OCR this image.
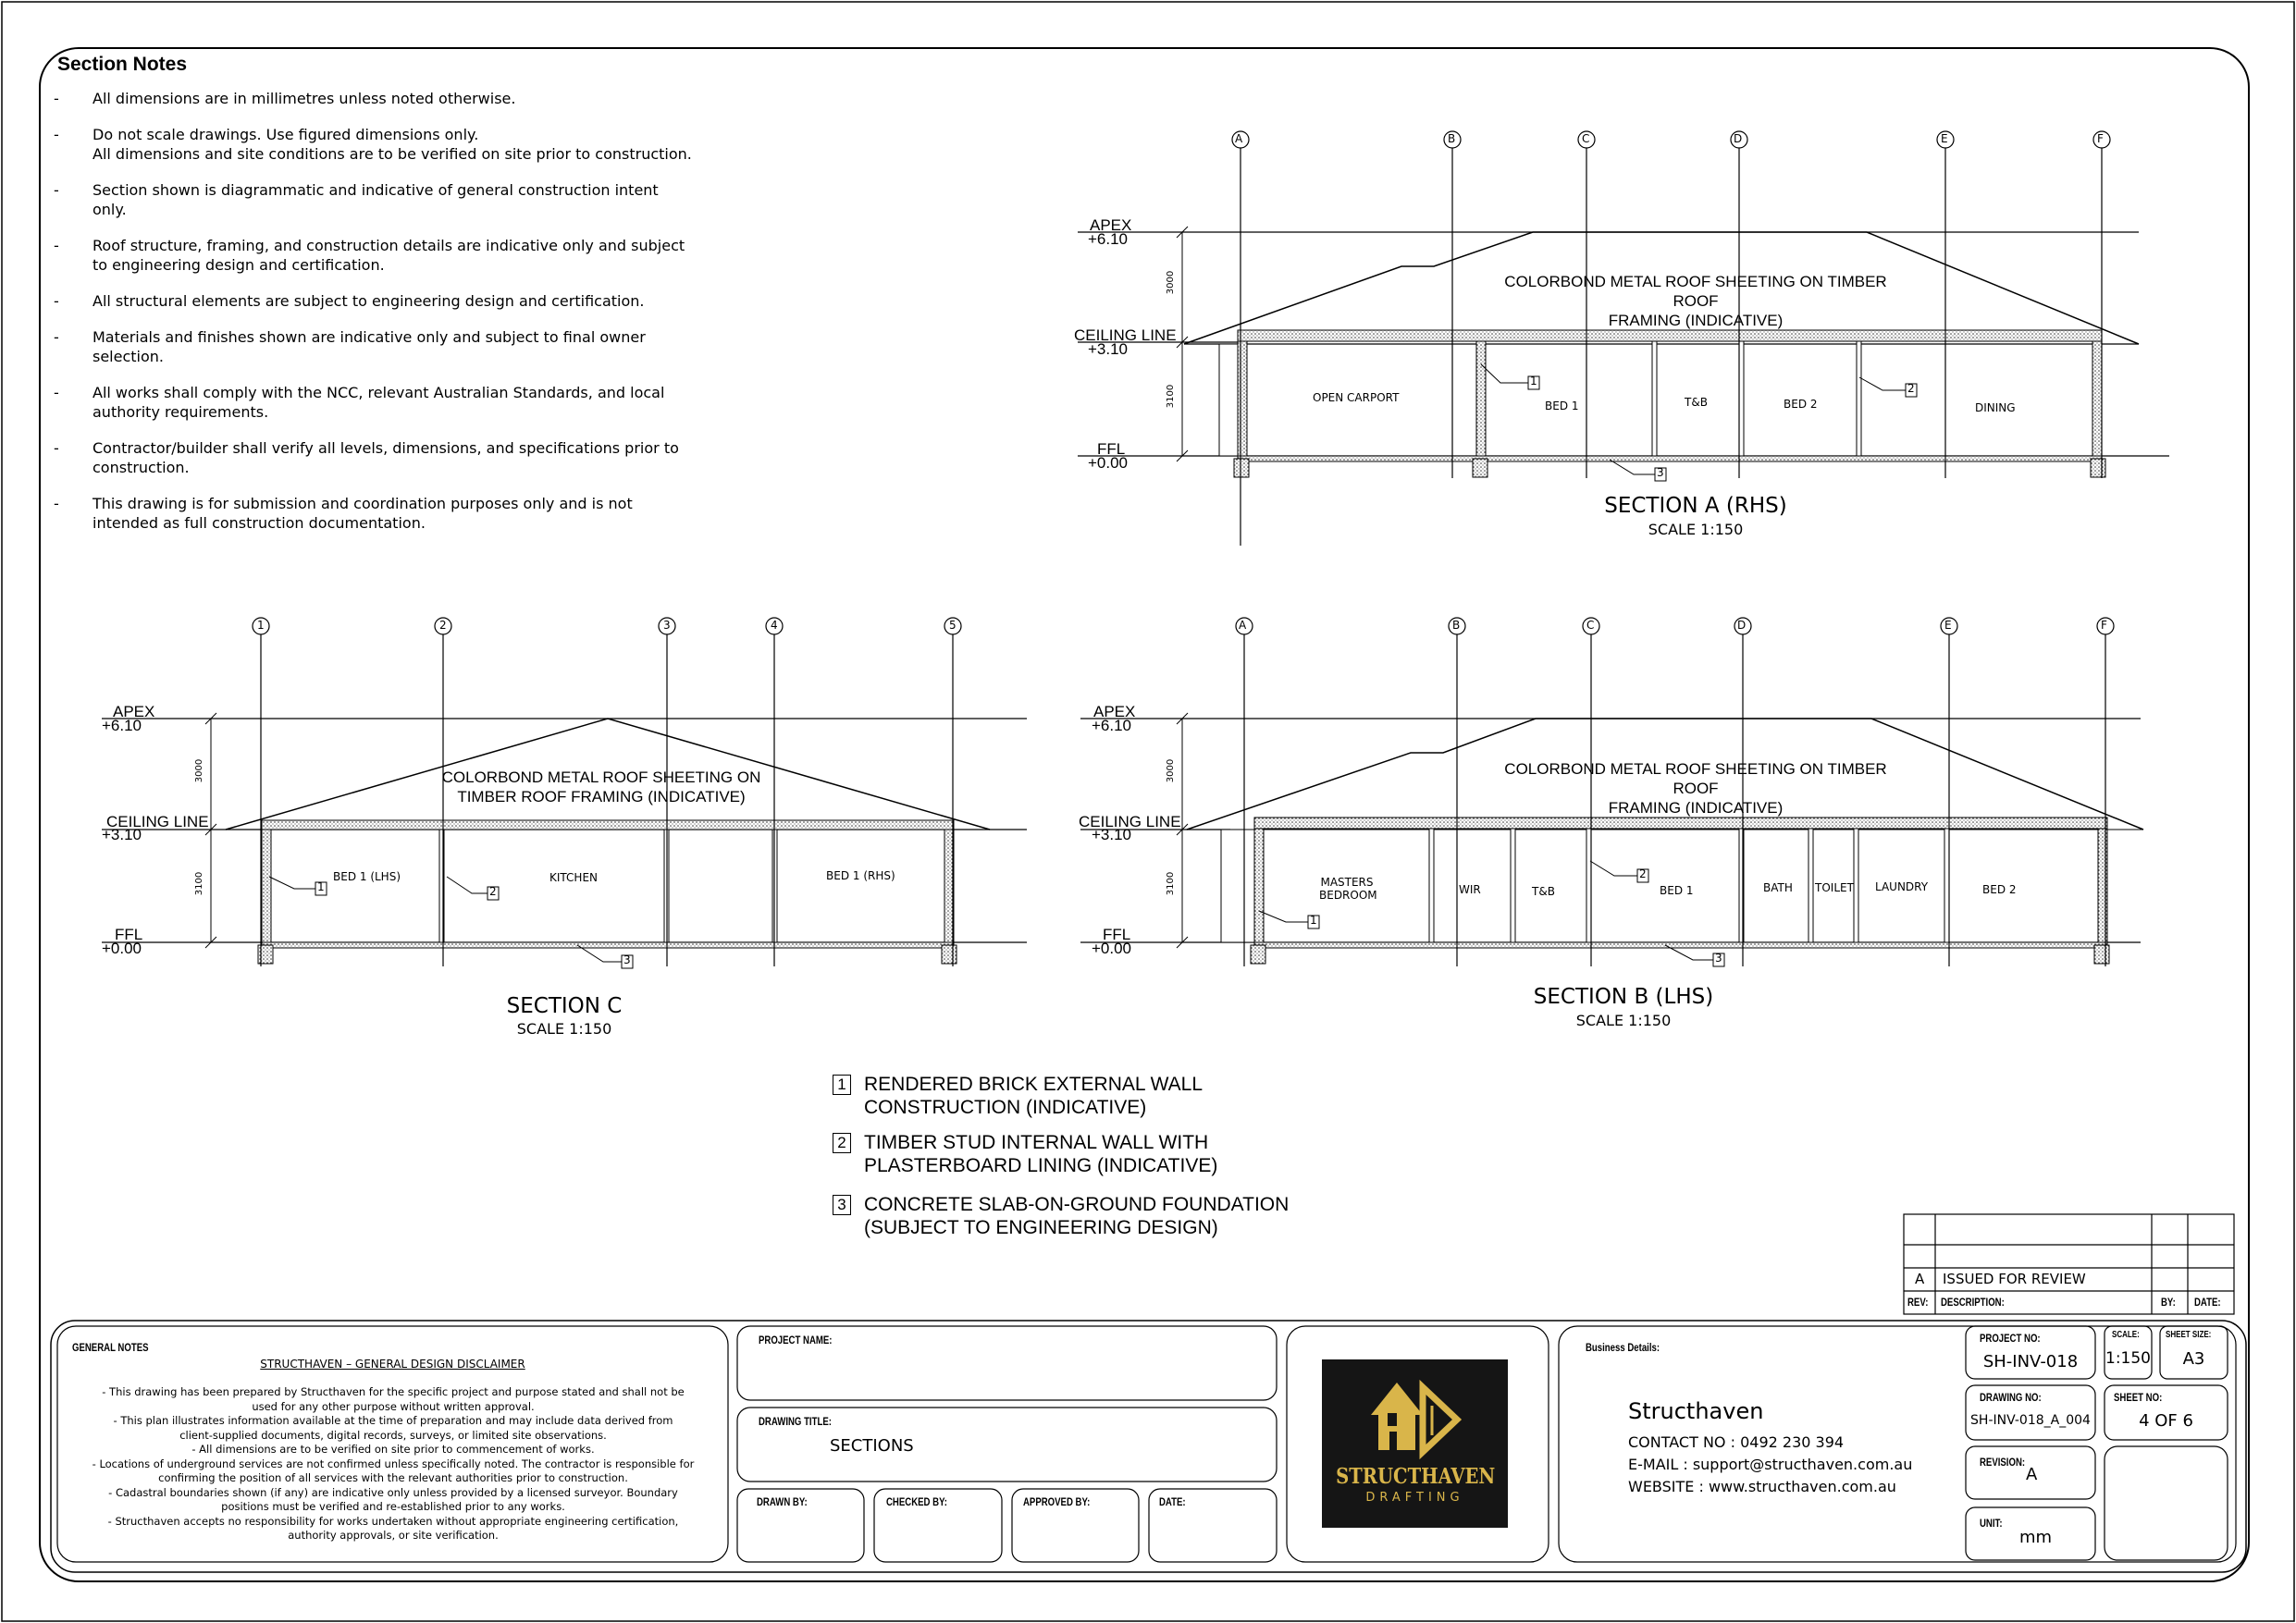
Section Notes
-	All dimensions are in millimetres unless noted otherwise.
-	Do not scale drawings. Use figured dimensions only.
All dimensions and site conditions are to be verified on site prior to construction.
-	Section shown is diagrammatic and indicative of general construction intent only.
-	Roof structure, framing, and construction details are indicative only and subject to engineering design and certification.
-	All structural elements are subject to engineering design and certification.
-	Materials and finishes shown are indicative only and subject to final owner selection.
-	All works shall comply with the NCC, relevant Australian Standards, and local authority requirements.
-	Contractor/builder shall verify all levels, dimensions, and specifications prior to construction.
-	This drawing is for submission and coordination purposes only and is not intended as full construction documentation.
APEX
+6.10
CEILING LINE
+3.10
FFL
+0.00
3000
3100
COLORBOND METAL ROOF SHEETING ON TIMBER ROOF
FRAMING (INDICATIVE)
OPEN CARPORT
BED 1	T&B	BED 2	DINING
1
2
3
A	B	C	D	E	F
SECTION A (RHS)
SCALE 1:150
APEX
+6.10
CEILING LINE
+3.10
FFL
+0.00
3000
3100
COLORBOND METAL ROOF SHEETING ON
TIMBER ROOF FRAMING (INDICATIVE)
BED 1 (LHS)	KITCHEN	BED 1 (RHS)
1	2
3
1	2	3	4	5
SECTION C
SCALE 1:150
APEX
+6.10
CEILING LINE
+3.10
FFL
+0.00
3000
3100
COLORBOND METAL ROOF SHEETING ON TIMBER ROOF
FRAMING (INDICATIVE)
MASTERS
BEDROOM	WIR	T&B	BED 1	BATH TOILET LAUNDRY	BED 2
1
2
3
A	B	C	D	E	F
SECTION B (LHS)
SCALE 1:150
1 RENDERED BRICK EXTERNAL WALL
CONSTRUCTION (INDICATIVE)
2 TIMBER STUD INTERNAL WALL WITH
PLASTERBOARD LINING (INDICATIVE)
3 CONCRETE SLAB-ON-GROUND FOUNDATION
(SUBJECT TO ENGINEERING DESIGN)
A ISSUED FOR REVIEW
REV: DESCRIPTION:	BY: DATE:
GENERAL NOTES
STRUCTHAVEN – GENERAL DESIGN DISCLAIMER

- This drawing has been prepared by Structhaven for the specific project and purpose stated and shall not be

used for any other purpose without written approval.

- This plan illustrates information available at the time of preparation and may include data derived from

client-supplied documents, digital records, surveys, or limited site observations.

- All dimensions are to be verified on site prior to commencement of works.

- Locations of underground services are not confirmed unless specifically noted. The contractor is responsible for

confirming the position of all services with the relevant authorities prior to construction.

- Cadastral boundaries shown (if any) are indicative only unless provided by a licensed surveyor. Boundary

positions must be verified and re-established prior to any works.

- Structhaven accepts no responsibility for works undertaken without appropriate engineering certification,

authority approvals, or site verification.

PROJECT NAME:
DRAWING TITLE:
SECTIONS
DRAWN BY:	CHECKED BY:	APPROVED BY:	DATE:
STRUCTHAVEN
DRAFTING
Business Details:
Structhaven
CONTACT NO : 0492 230 394
E-MAIL : support@structhaven.com.au
WEBSITE : www.structhaven.com.au
PROJECT NO:
SH-INV-018
SCALE:
1:150
SHEET SIZE:
A3
DRAWING NO:
SH-INV-018_A_004
SHEET NO:
4 OF 6
REVISION:
A
UNIT:
mm
